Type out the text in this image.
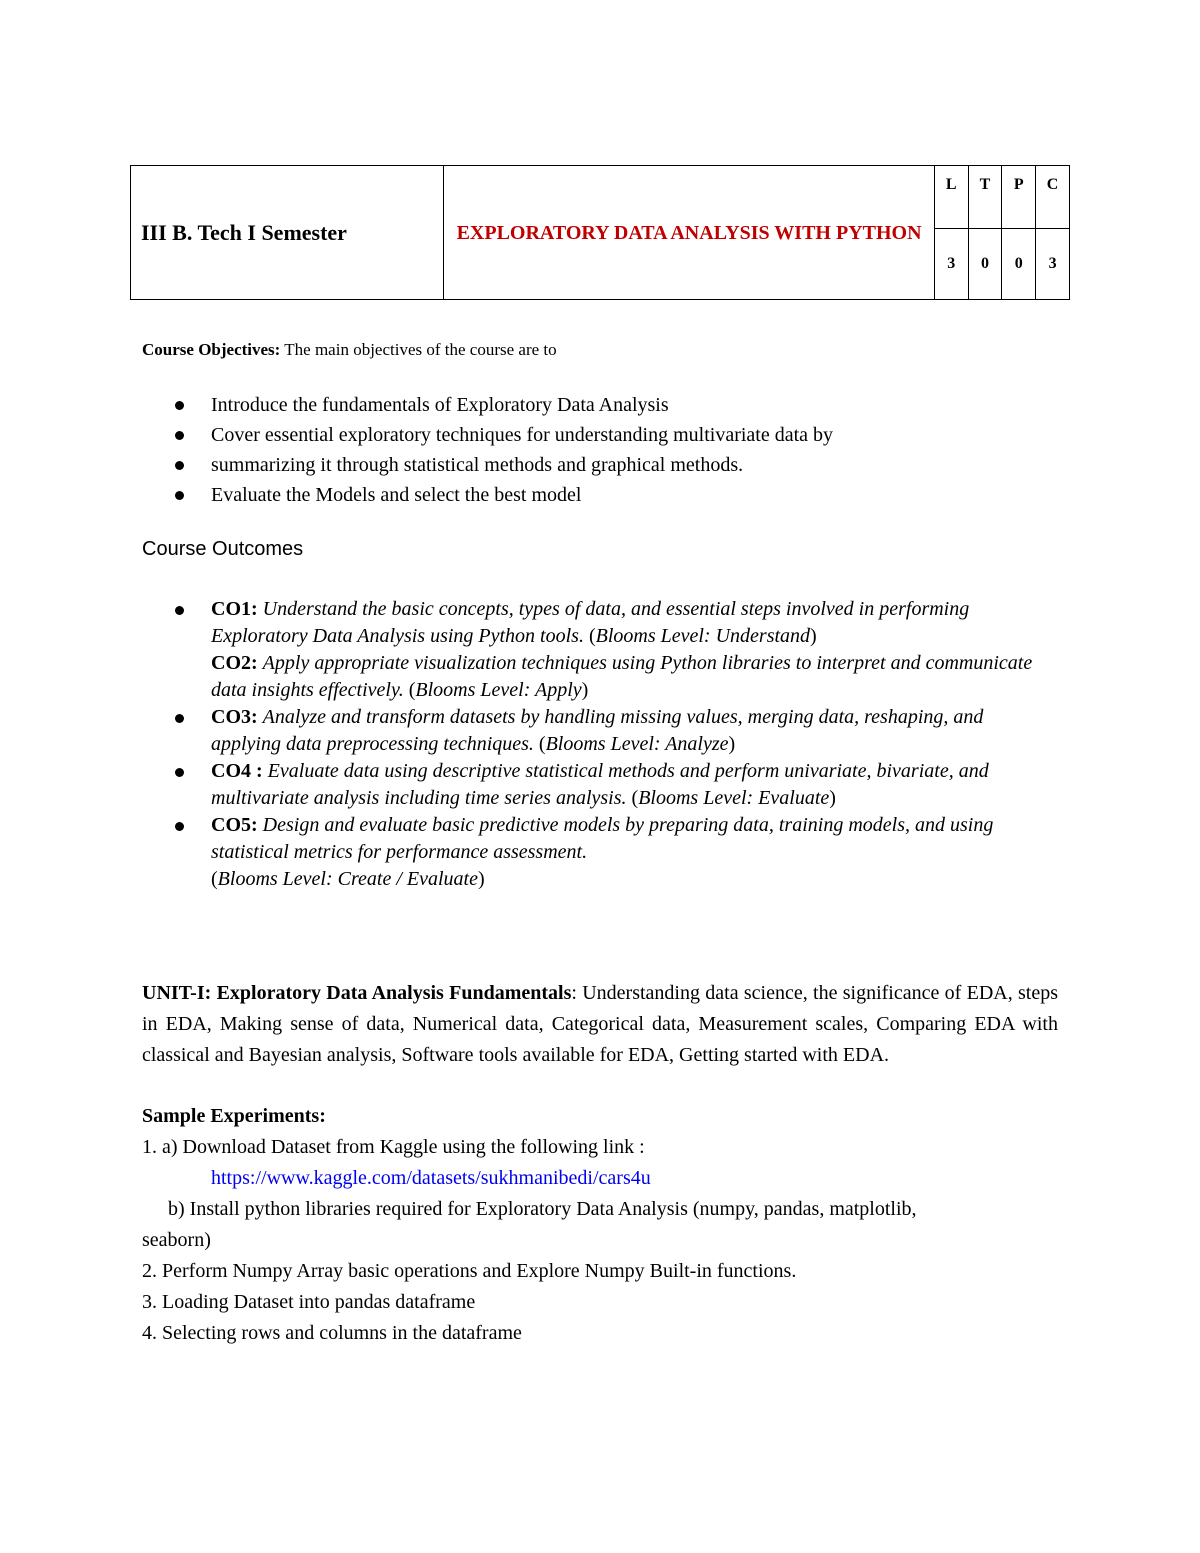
III B. Tech I Semester	EXPLORATORY DATA ANALYSIS WITH PYTHON	L	T	P	C
		3	0	0	3
Course Objectives: The main objectives of the course are to
Introduce the fundamentals of Exploratory Data Analysis
Cover essential exploratory techniques for understanding multivariate data by
summarizing it through statistical methods and graphical methods.
Evaluate the Models and select the best model
Course Outcomes
CO1: Understand the basic concepts, types of data, and essential steps involved in performing Exploratory Data Analysis using Python tools. (Blooms Level: Understand)
CO2: Apply appropriate visualization techniques using Python libraries to interpret and communicate data insights effectively. (Blooms Level: Apply)
CO3: Analyze and transform datasets by handling missing values, merging data, reshaping, and applying data preprocessing techniques. (Blooms Level: Analyze)
CO4 : Evaluate data using descriptive statistical methods and perform univariate, bivariate, and multivariate analysis including time series analysis. (Blooms Level: Evaluate)
CO5: Design and evaluate basic predictive models by preparing data, training models, and using statistical metrics for performance assessment.
(Blooms Level: Create / Evaluate)
UNIT-I: Exploratory Data Analysis Fundamentals: Understanding data science, the significance of EDA, steps in EDA, Making sense of data, Numerical data, Categorical data, Measurement scales, Comparing EDA with classical and Bayesian analysis, Software tools available for EDA, Getting started with EDA.
Sample Experiments:
1. a) Download Dataset from Kaggle using the following link :
https://www.kaggle.com/datasets/sukhmanibedi/cars4u
b) Install python libraries required for Exploratory Data Analysis (numpy, pandas, matplotlib,
seaborn)
2. Perform Numpy Array basic operations and Explore Numpy Built-in functions.
3. Loading Dataset into pandas dataframe
4. Selecting rows and columns in the dataframe
